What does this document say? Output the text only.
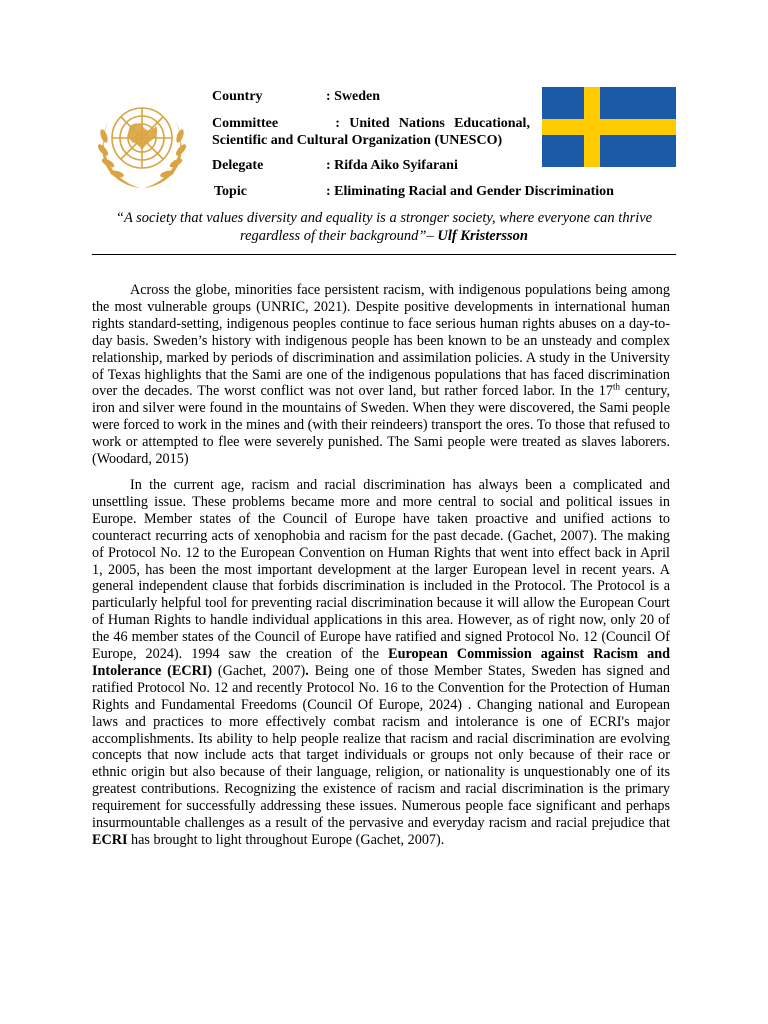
Country	: Sweden
Committee	: United Nations Educational,
Scientific and Cultural Organization (UNESCO)
Delegate	: Rifda Aiko Syifarani
Topic	: Eliminating Racial and Gender Discrimination
“A society that values diversity and equality is a stronger society, where everyone can thrive regardless of their background”– Ulf Kristersson

Across the globe, minorities face persistent racism, with indigenous populations being among the most vulnerable groups (UNRIC, 2021). Despite positive developments in international human rights standard-setting, indigenous peoples continue to face serious human rights abuses on a day-to-day basis. Sweden’s history with indigenous people has been known to be an unsteady and complex relationship, marked by periods of discrimination and assimilation policies. A study in the University of Texas highlights that the Sami are one of the indigenous populations that has faced discrimination over the decades. The worst conflict was not over land, but rather forced labor. In the 17th century, iron and silver were found in the mountains of Sweden. When they were discovered, the Sami people were forced to work in the mines and (with their reindeers) transport the ores. To those that refused to work or attempted to flee were severely punished. The Sami people were treated as slaves laborers. (Woodard, 2015)

In the current age, racism and racial discrimination has always been a complicated and unsettling issue. These problems became more and more central to social and political issues in Europe. Member states of the Council of Europe have taken proactive and unified actions to counteract recurring acts of xenophobia and racism for the past decade. (Gachet, 2007). The making of Protocol No. 12 to the European Convention on Human Rights that went into effect back in April 1, 2005, has been the most important development at the larger European level in recent years. A general independent clause that forbids discrimination is included in the Protocol. The Protocol is a particularly helpful tool for preventing racial discrimination because it will allow the European Court of Human Rights to handle individual applications in this area. However, as of right now, only 20 of the 46 member states of the Council of Europe have ratified and signed Protocol No. 12 (Council Of Europe, 2024). 1994 saw the creation of the European Commission against Racism and Intolerance (ECRI) (Gachet, 2007). Being one of those Member States, Sweden has signed and ratified Protocol No. 12 and recently Protocol No. 16 to the Convention for the Protection of Human Rights and Fundamental Freedoms (Council Of Europe, 2024) . Changing national and European laws and practices to more effectively combat racism and intolerance is one of ECRI's major accomplishments. Its ability to help people realize that racism and racial discrimination are evolving concepts that now include acts that target individuals or groups not only because of their race or ethnic origin but also because of their language, religion, or nationality is unquestionably one of its greatest contributions. Recognizing the existence of racism and racial discrimination is the primary requirement for successfully addressing these issues. Numerous people face significant and perhaps insurmountable challenges as a result of the pervasive and everyday racism and racial prejudice that ECRI has brought to light throughout Europe (Gachet, 2007).
